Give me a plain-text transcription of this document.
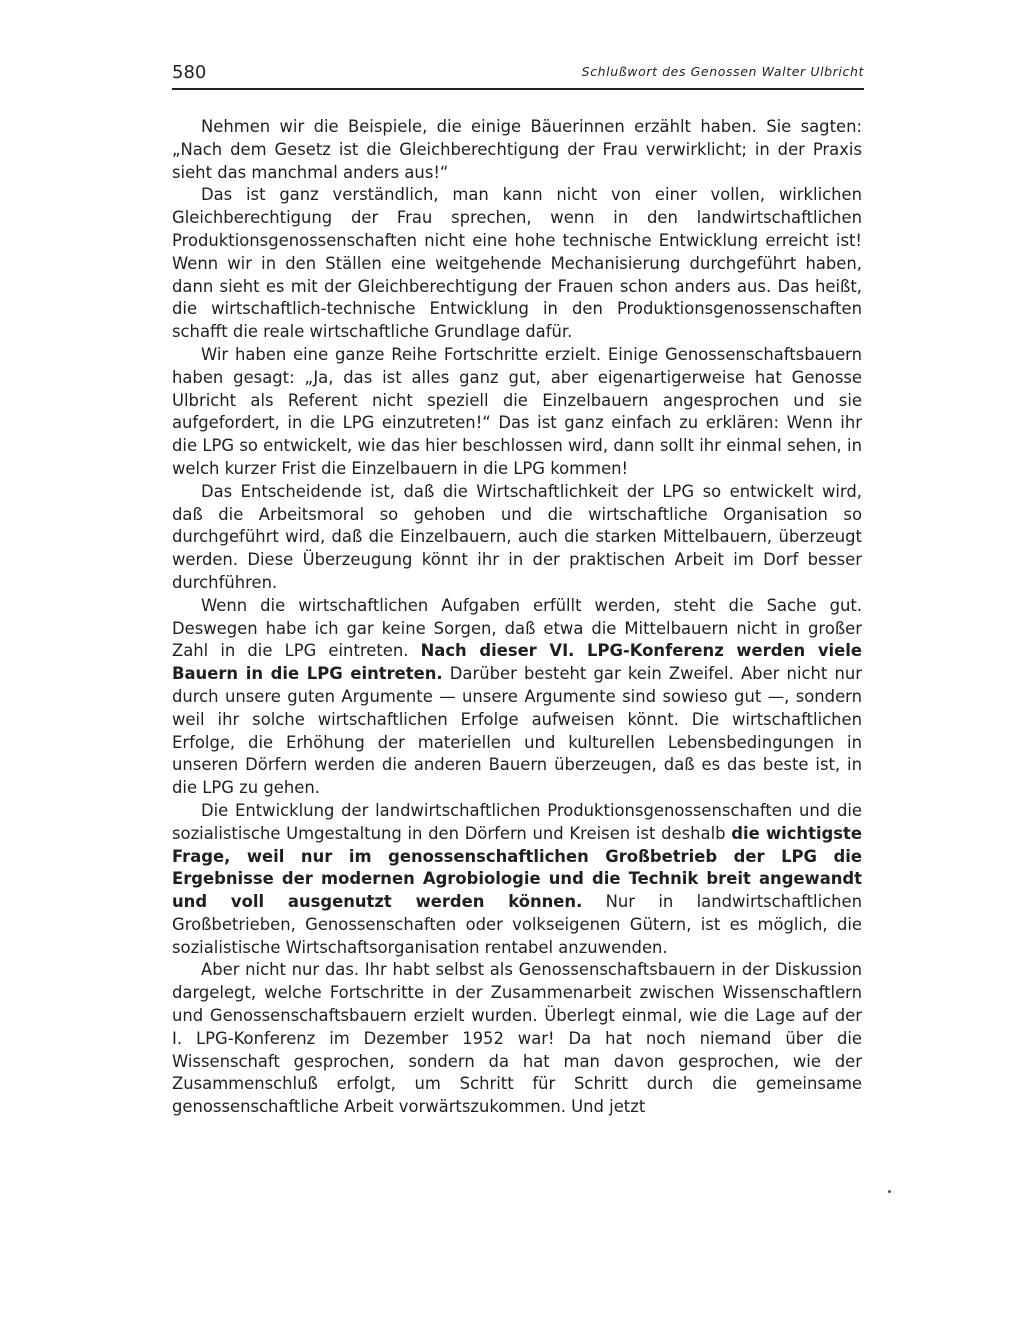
580	Schlußwort des Genossen Walter Ulbricht

Nehmen wir die Beispiele, die einige Bäuerinnen erzählt haben. Sie sagten: „Nach dem Gesetz ist die Gleichberechtigung der Frau verwirklicht; in der Praxis sieht das manchmal anders aus!“

Das ist ganz verständlich, man kann nicht von einer vollen, wirklichen Gleichberechtigung der Frau sprechen, wenn in den landwirtschaftlichen Produktionsgenossenschaften nicht eine hohe technische Entwicklung erreicht ist! Wenn wir in den Ställen eine weitgehende Mechanisierung durchgeführt haben, dann sieht es mit der Gleichberechtigung der Frauen schon anders aus. Das heißt, die wirtschaftlich-technische Entwicklung in den Produktionsgenossenschaften schafft die reale wirtschaftliche Grundlage dafür.

Wir haben eine ganze Reihe Fortschritte erzielt. Einige Genossenschaftsbauern haben gesagt: „Ja, das ist alles ganz gut, aber eigenartigerweise hat Genosse Ulbricht als Referent nicht speziell die Einzelbauern angesprochen und sie aufgefordert, in die LPG einzutreten!“ Das ist ganz einfach zu erklären: Wenn ihr die LPG so entwickelt, wie das hier beschlossen wird, dann sollt ihr einmal sehen, in welch kurzer Frist die Einzelbauern in die LPG kommen!

Das Entscheidende ist, daß die Wirtschaftlichkeit der LPG so entwickelt wird, daß die Arbeitsmoral so gehoben und die wirtschaftliche Organisation so durchgeführt wird, daß die Einzelbauern, auch die starken Mittelbauern, überzeugt werden. Diese Überzeugung könnt ihr in der praktischen Arbeit im Dorf besser durchführen.

Wenn die wirtschaftlichen Aufgaben erfüllt werden, steht die Sache gut. Deswegen habe ich gar keine Sorgen, daß etwa die Mittelbauern nicht in großer Zahl in die LPG eintreten. Nach dieser VI. LPG-Konferenz werden viele Bauern in die LPG eintreten. Darüber besteht gar kein Zweifel. Aber nicht nur durch unsere guten Argumente — unsere Argumente sind sowieso gut —, sondern weil ihr solche wirtschaftlichen Erfolge aufweisen könnt. Die wirtschaftlichen Erfolge, die Erhöhung der materiellen und kulturellen Lebensbedingungen in unseren Dörfern werden die anderen Bauern überzeugen, daß es das beste ist, in die LPG zu gehen.

Die Entwicklung der landwirtschaftlichen Produktionsgenossenschaften und die sozialistische Umgestaltung in den Dörfern und Kreisen ist deshalb die wichtigste Frage, weil nur im genossenschaftlichen Großbetrieb der LPG die Ergebnisse der modernen Agrobiologie und die Technik breit angewandt und voll ausgenutzt werden können. Nur in landwirtschaftlichen Großbetrieben, Genossenschaften oder volkseigenen Gütern, ist es möglich, die sozialistische Wirtschaftsorganisation rentabel anzuwenden.

Aber nicht nur das. Ihr habt selbst als Genossenschaftsbauern in der Diskussion dargelegt, welche Fortschritte in der Zusammenarbeit zwischen Wissenschaftlern und Genossenschaftsbauern erzielt wurden. Überlegt einmal, wie die Lage auf der I. LPG-Konferenz im Dezember 1952 war! Da hat noch niemand über die Wissenschaft gesprochen, sondern da hat man davon gesprochen, wie der Zusammenschluß erfolgt, um Schritt für Schritt durch die gemeinsame genossenschaftliche Arbeit vorwärtszukommen. Und jetzt
